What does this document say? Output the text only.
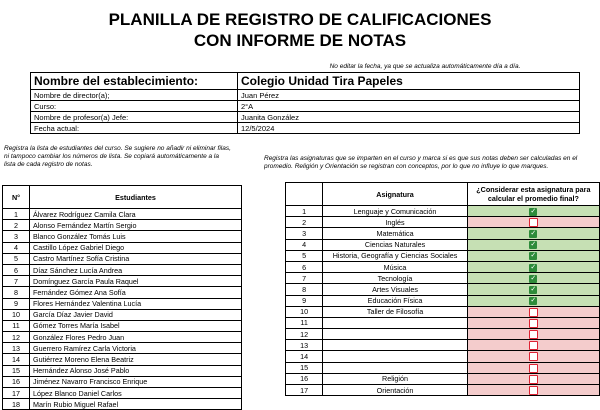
PLANILLA DE REGISTRO DE CALIFICACIONES
CON INFORME DE NOTAS
No editar la fecha, ya que se actualiza automáticamente día a día.
Nombre del establecimiento:	Colegio Unidad Tira Papeles
Nombre de director(a);	Juan Pérez
Curso:	2°A
Nombre de profesor(a) Jefe:	Juanita González
Fecha actual:	12/5/2024
Registra la lista de estudiantes del curso. Se sugiere no añadir ni eliminar filas, ni tampoco cambiar los números de lista. Se copiará automáticamente a la lista de cada registro de notas.
Registra las asignaturas que se imparten en el curso y marca si es que sus notas deben ser calculadas en el promedio. Religión y Orientación se registran con conceptos, por lo que no influye lo que marques.
N°	Estudiantes
1	Álvarez Rodríguez Camila Clara
2	Alonso Fernández Martín Sergio
3	Blanco González Tomás Luis
4	Castillo López Gabriel Diego
5	Castro Martínez Sofía Cristina
6	Díaz Sánchez Lucía Andrea
7	Domínguez García Paula Raquel
8	Fernández Gómez Ana Sofía
9	Flores Hernández Valentina Lucía
10	García Díaz Javier David
11	Gómez Torres María Isabel
12	González Flores Pedro Juan
13	Guerrero Ramírez Carla Victoria
14	Gutiérrez Moreno Elena Beatriz
15	Hernández Alonso José Pablo
16	Jiménez Navarro Francisco Enrique
17	López Blanco Daniel Carlos
18	Marín Rubio Miguel Rafael
		Asignatura	¿Considerar esta asignatura para calcular el promedio final?
	1	Lenguaje y Comunicación	✓
	2	Inglés	
	3	Matemática	✓
	4	Ciencias Naturales	✓
	5	Historia, Geografía y Ciencias Sociales	✓
	6	Música	✓
	7	Tecnología	✓
	8	Artes Visuales	✓
	9	Educación Física	✓
	10	Taller de Filosofía	
	11		
	12		
	13		
	14		
	15		
	16	Religión	
	17	Orientación	
